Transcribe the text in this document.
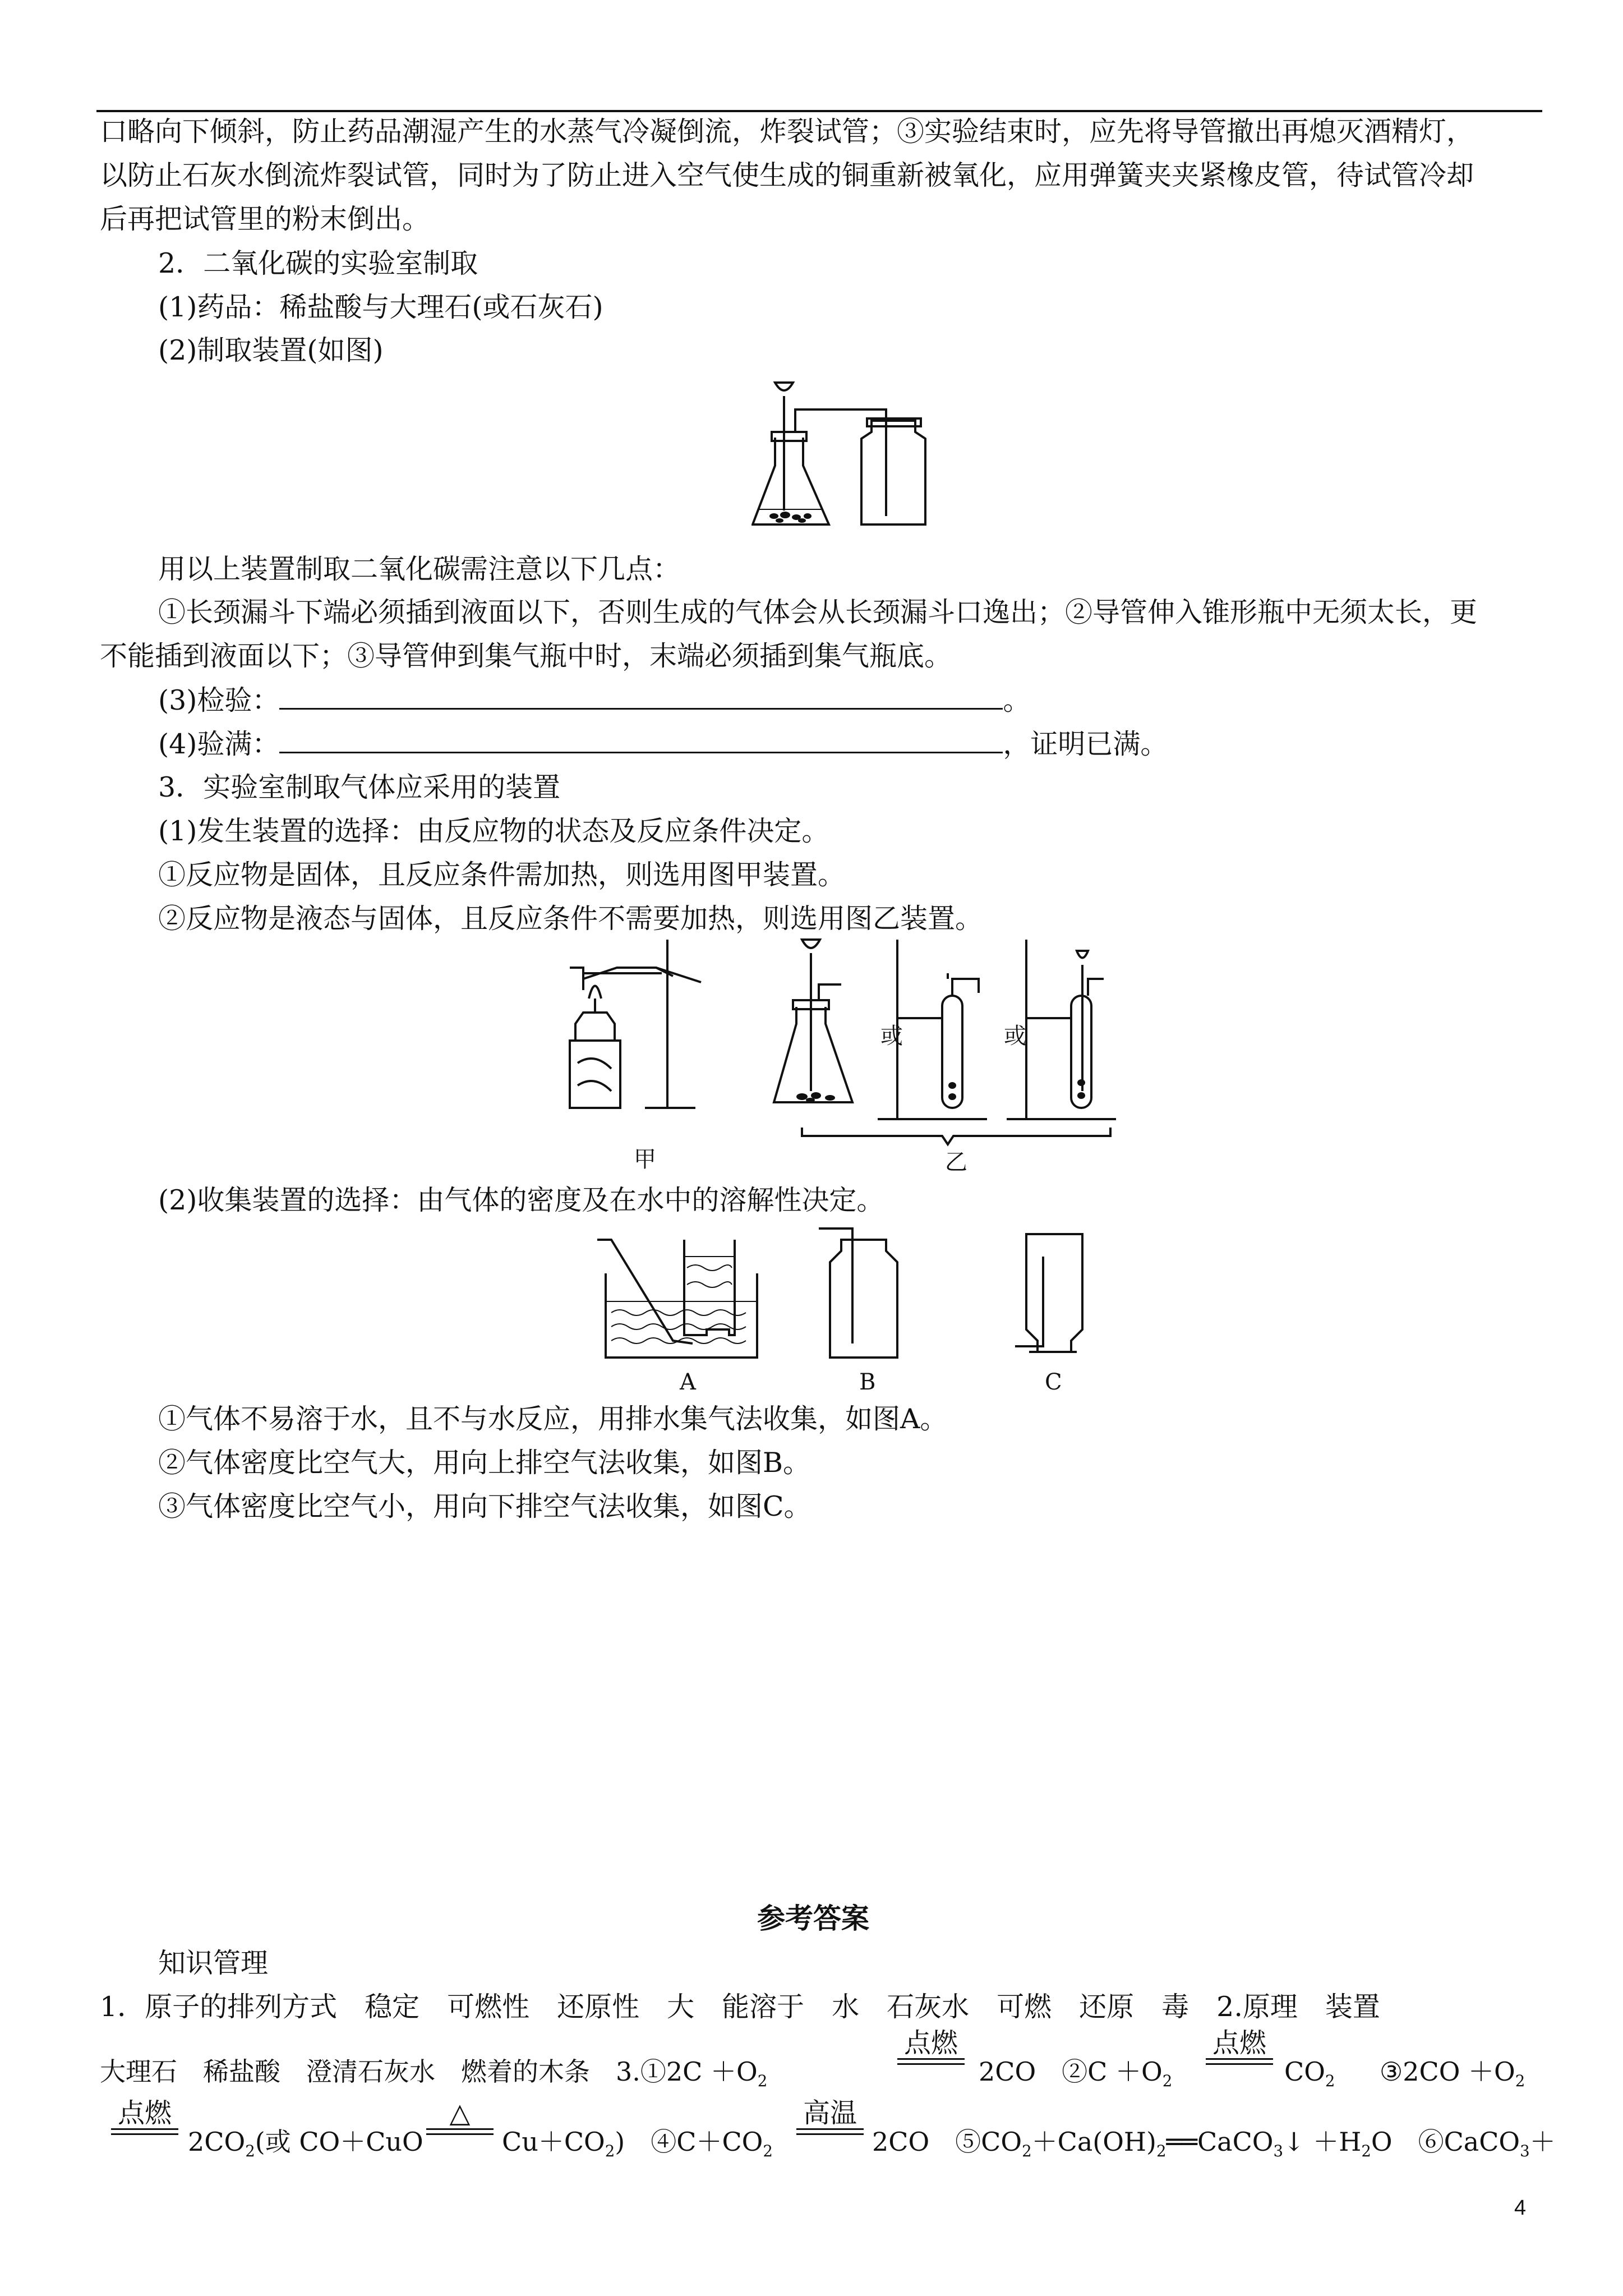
口略向下倾斜，防止药品潮湿产生的水蒸气冷凝倒流，炸裂试管；③实验结束时，应先将导管撤出再熄灭酒精灯，
以防止石灰水倒流炸裂试管，同时为了防止进入空气使生成的铜重新被氧化，应用弹簧夹夹紧橡皮管，待试管冷却
后再把试管里的粉末倒出。
2．二氧化碳的实验室制取
(1)药品：稀盐酸与大理石(或石灰石)
(2)制取装置(如图)
用以上装置制取二氧化碳需注意以下几点：
①长颈漏斗下端必须插到液面以下，否则生成的气体会从长颈漏斗口逸出；②导管伸入锥形瓶中无须太长，更
不能插到液面以下；③导管伸到集气瓶中时，末端必须插到集气瓶底。
(3)检验：	。
(4)验满：	，证明已满。
3．实验室制取气体应采用的装置
(1)发生装置的选择：由反应物的状态及反应条件决定。
①反应物是固体，且反应条件需加热，则选用图甲装置。
②反应物是液态与固体，且反应条件不需要加热，则选用图乙装置。
或	或
甲	乙
(2)收集装置的选择：由气体的密度及在水中的溶解性决定。
A	B	C
①气体不易溶于水，且不与水反应，用排水集气法收集，如图A。
②气体密度比空气大，用向上排空气法收集，如图B。
③气体密度比空气小，用向下排空气法收集，如图C。
参考答案
知识管理
1．原子的排列方式　稳定　可燃性　还原性　大　能溶于　水　石灰水　可燃　还原　毒　2.原理　装置
大理石　稀盐酸　澄清石灰水　燃着的木条　3.①2C $+O_2$
点燃
2CO　②C $+O_2$
点燃
$CO_2$ ③2CO $+O_2$
点燃
$2CO_2$(或 CO＋CuO
△
$Cu+CO_2$)　$④C+CO_2$
高温
2CO　$⑤CO_2+Ca(OH)_2══CaCO_3↓ +H_2O$　⑥CaCO$_3$＋
4
